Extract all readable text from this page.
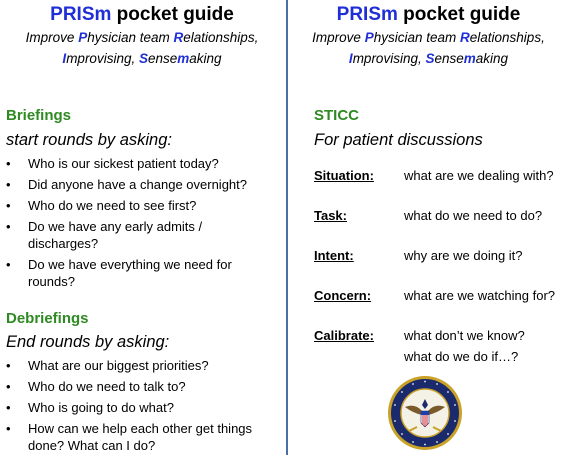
PRISm pocket guide
Improve Physician team Relationships,
Improvising, Sensemaking
Briefings
start rounds by asking:
• Who is our sickest patient today?
• Did anyone have a change overnight?
• Who do we need to see first?
• Do we have any early admits / discharges?
• Do we have everything we need for rounds?
Debriefings
End rounds by asking:
• What are our biggest priorities?
• Who do we need to talk to?
• Who is going to do what?
• How can we help each other get things done? What can I do?
PRISm pocket guide
Improve Physician team Relationships,
Improvising, Sensemaking
STICC
For patient discussions
Situation: what are we dealing with?
Task:	what do we need to do?
Intent:	why are we doing it?
Concern:	what are we watching for?
Calibrate: what don’t we know?
what do we do if…?
